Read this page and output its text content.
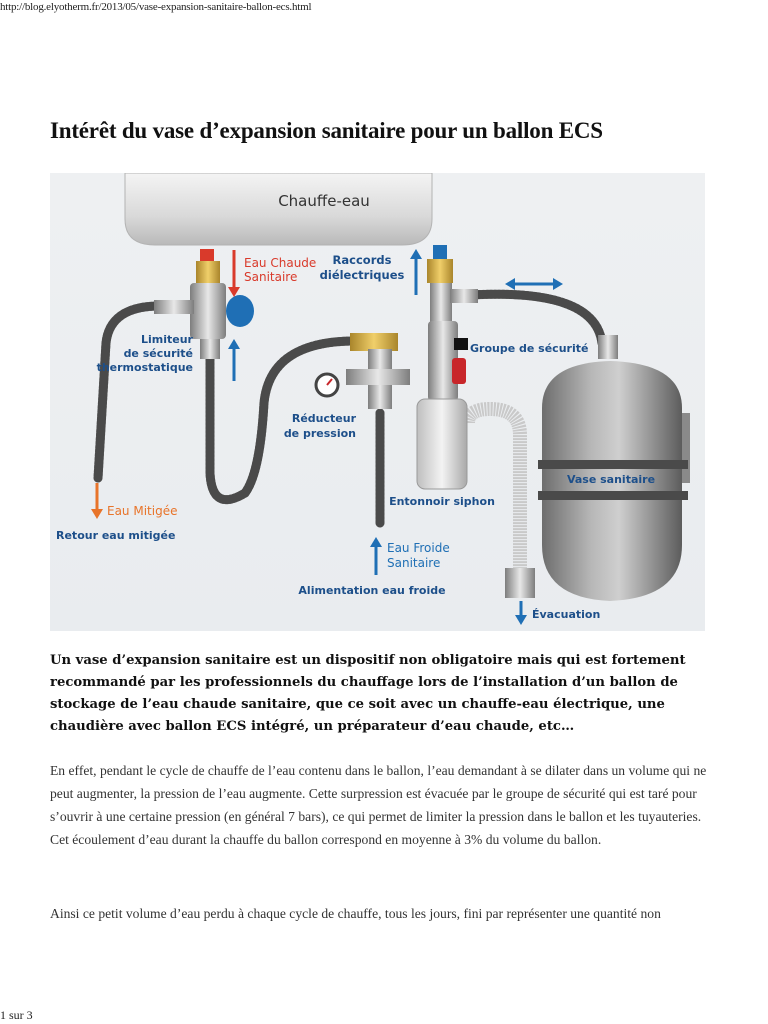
http://blog.elyotherm.fr/2013/05/vase-expansion-sanitaire-ballon-ecs.html
Intérêt du vase d’expansion sanitaire pour un ballon ECS
Chauffe-eau
Eau Chaude
Sanitaire
Raccords
diélectriques
Limiteur
de sécurité
thermostatique
Groupe de sécurité
Réducteur
de pression
Entonnoir siphon
Vase sanitaire
Eau Mitigée
Retour eau mitigée
Eau Froide
Sanitaire
Alimentation eau froide
Évacuation

Un vase d’expansion sanitaire est un dispositif non obligatoire mais qui est fortement recommandé par les professionnels du chauffage lors de l’installation d’un ballon de stockage de l’eau chaude sanitaire, que ce soit avec un chauffe-eau électrique, une chaudière avec ballon ECS intégré, un préparateur d’eau chaude, etc…

En effet, pendant le cycle de chauffe de l’eau contenu dans le ballon, l’eau demandant à se dilater dans un volume qui ne peut augmenter, la pression de l’eau augmente. Cette surpression est évacuée par le groupe de sécurité qui est taré pour s’ouvrir à une certaine pression (en général 7 bars), ce qui permet de limiter la pression dans le ballon et les tuyauteries. Cet écoulement d’eau durant la chauffe du ballon correspond en moyenne à 3% du volume du ballon.

Ainsi ce petit volume d’eau perdu à chaque cycle de chauffe, tous les jours, fini par représenter une quantité non

1 sur 3
